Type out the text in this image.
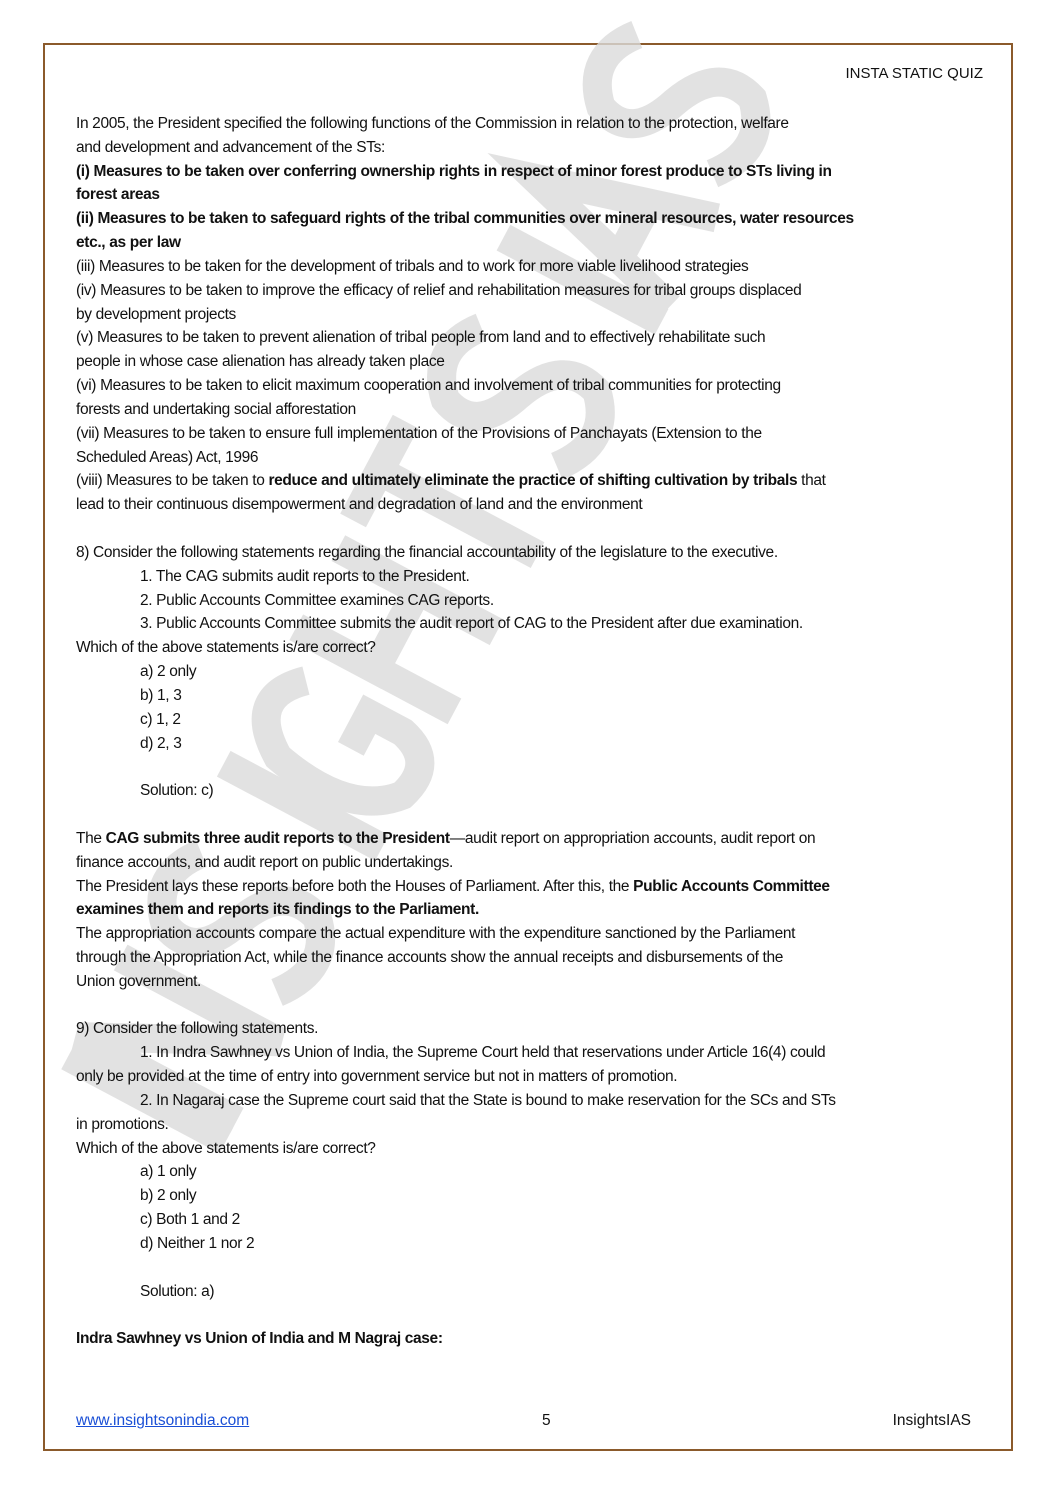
INSTA STATIC QUIZ
In 2005, the President specified the following functions of the Commission in relation to the protection, welfare
and development and advancement of the STs:
(i) Measures to be taken over conferring ownership rights in respect of minor forest produce to STs living in
forest areas
(ii) Measures to be taken to safeguard rights of the tribal communities over mineral resources, water resources
etc., as per law
(iii) Measures to be taken for the development of tribals and to work for more viable livelihood strategies
(iv) Measures to be taken to improve the efficacy of relief and rehabilitation measures for tribal groups displaced
by development projects
(v) Measures to be taken to prevent alienation of tribal people from land and to effectively rehabilitate such
people in whose case alienation has already taken place
(vi) Measures to be taken to elicit maximum cooperation and involvement of tribal communities for protecting
forests and undertaking social afforestation
(vii) Measures to be taken to ensure full implementation of the Provisions of Panchayats (Extension to the
Scheduled Areas) Act, 1996
(viii) Measures to be taken to reduce and ultimately eliminate the practice of shifting cultivation by tribals that
lead to their continuous disempowerment and degradation of land and the environment
8) Consider the following statements regarding the financial accountability of the legislature to the executive.
1. The CAG submits audit reports to the President.
2. Public Accounts Committee examines CAG reports.
3. Public Accounts Committee submits the audit report of CAG to the President after due examination.
Which of the above statements is/are correct?
a) 2 only
b) 1, 3
c) 1, 2
d) 2, 3
Solution: c)
The CAG submits three audit reports to the President—audit report on appropriation accounts, audit report on
finance accounts, and audit report on public undertakings.
The President lays these reports before both the Houses of Parliament. After this, the Public Accounts Committee
examines them and reports its findings to the Parliament.
The appropriation accounts compare the actual expenditure with the expenditure sanctioned by the Parliament
through the Appropriation Act, while the finance accounts show the annual receipts and disbursements of the
Union government.
9) Consider the following statements.
1. In Indra Sawhney vs Union of India, the Supreme Court held that reservations under Article 16(4) could
only be provided at the time of entry into government service but not in matters of promotion.
2. In Nagaraj case the Supreme court said that the State is bound to make reservation for the SCs and STs
in promotions.
Which of the above statements is/are correct?
a) 1 only
b) 2 only
c) Both 1 and 2
d) Neither 1 nor 2
Solution: a)
Indra Sawhney vs Union of India and M Nagraj case:
www.insightsonindia.com	5	InsightsIAS
